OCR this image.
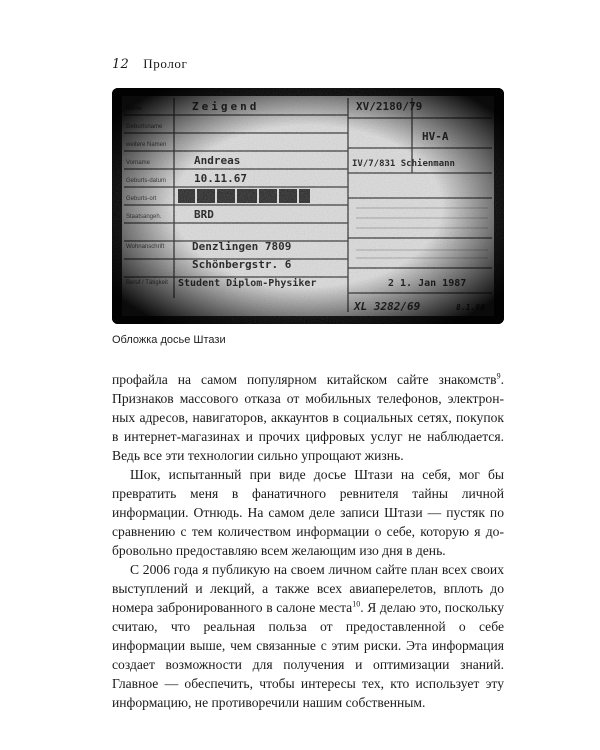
12 Пролог
Обложка досье Штази

профайла на самом популярном китайском сайте знакомств$^9$. Признаков массового отказа от мобильных телефонов, электронных адресов, навигаторов, аккаунтов в социальных сетях, покупок в интернет-магазинах и прочих цифровых услуг не наблюдается. Ведь все эти технологии сильно упрощают жизнь.

Шок, испытанный при виде досье Штази на себя, мог бы превратить меня в фанатичного ревнителя тайны личной информации. Отнюдь. На самом деле записи Штази — пустяк по сравнению с тем количеством информации о себе, которую я добровольно предоставляю всем желающим изо дня в день.

С 2006 года я публикую на своем личном сайте план всех своих выступлений и лекций, а также всех авиаперелетов, вплоть до номера забронированного в салоне места$^{10}$. Я делаю это, поскольку считаю, что реальная польза от предоставленной о себе информации выше, чем связанные с этим риски. Эта информация создает возможности для получения и оптимизации знаний. Главное — обеспечить, чтобы интересы тех, кто использует эту информацию, не противоречили нашим собственным.
